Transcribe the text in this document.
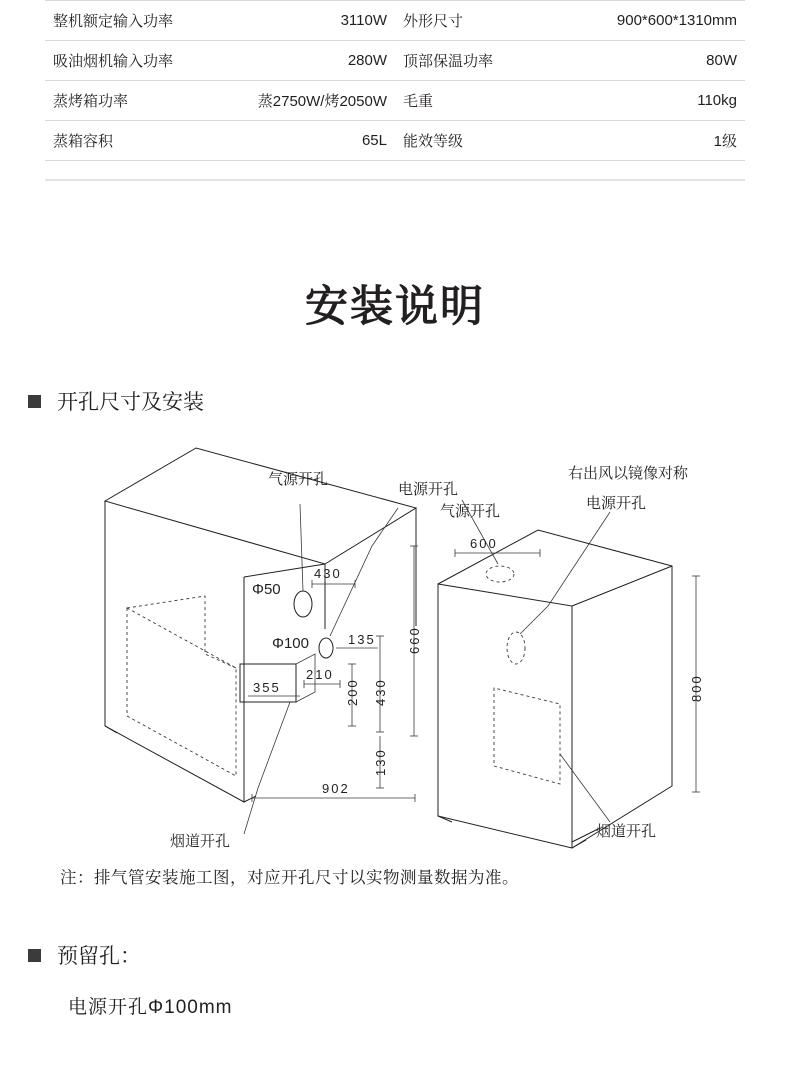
整机额定输入功率	3110W	外形尺寸	900*600*1310mm
吸油烟机输入功率	280W	顶部保温功率	80W
蒸烤箱功率	蒸2750W/烤2050W	毛重	110kg
蒸箱容积	65L	能效等级	1级
安装说明
开孔尺寸及安装
Φ50
Φ100
430
135
210
355	200 430
660
130
902
600
800
气源开孔
电源开孔
气源开孔
右出风以镜像对称
电源开孔
烟道开孔
烟道开孔
注：排气管安装施工图，对应开孔尺寸以实物测量数据为准。
预留孔：
电源开孔Φ100mm
